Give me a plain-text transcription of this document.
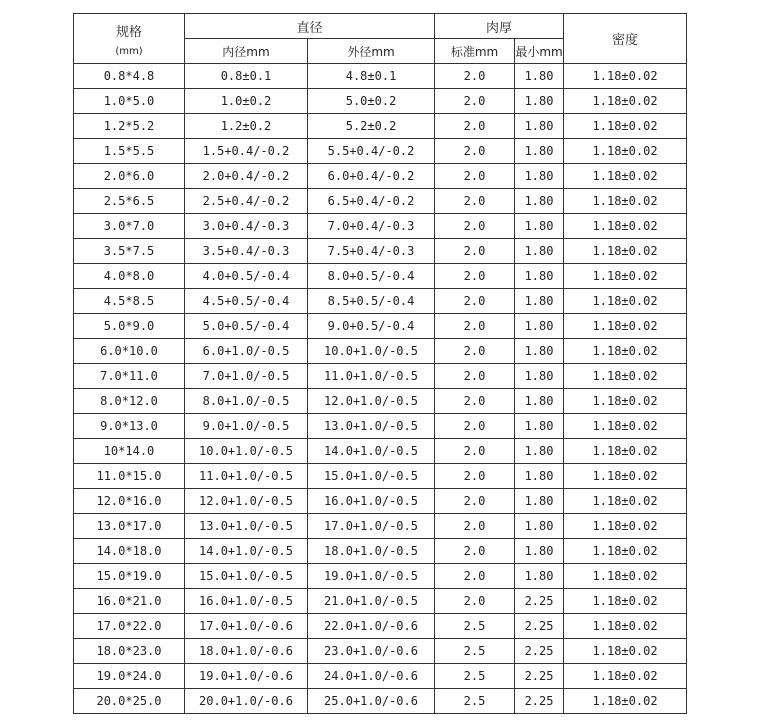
规格
(mm)	直径		肉厚		密度
	内径mm	外径mm	标准mm	最小mm	
0.8*4.8	0.8±0.1	4.8±0.1	2.0	1.80	1.18±0.02
1.0*5.0	1.0±0.2	5.0±0.2	2.0	1.80	1.18±0.02
1.2*5.2	1.2±0.2	5.2±0.2	2.0	1.80	1.18±0.02
1.5*5.5	1.5+0.4/-0.2	5.5+0.4/-0.2	2.0	1.80	1.18±0.02
2.0*6.0	2.0+0.4/-0.2	6.0+0.4/-0.2	2.0	1.80	1.18±0.02
2.5*6.5	2.5+0.4/-0.2	6.5+0.4/-0.2	2.0	1.80	1.18±0.02
3.0*7.0	3.0+0.4/-0.3	7.0+0.4/-0.3	2.0	1.80	1.18±0.02
3.5*7.5	3.5+0.4/-0.3	7.5+0.4/-0.3	2.0	1.80	1.18±0.02
4.0*8.0	4.0+0.5/-0.4	8.0+0.5/-0.4	2.0	1.80	1.18±0.02
4.5*8.5	4.5+0.5/-0.4	8.5+0.5/-0.4	2.0	1.80	1.18±0.02
5.0*9.0	5.0+0.5/-0.4	9.0+0.5/-0.4	2.0	1.80	1.18±0.02
6.0*10.0	6.0+1.0/-0.5	10.0+1.0/-0.5	2.0	1.80	1.18±0.02
7.0*11.0	7.0+1.0/-0.5	11.0+1.0/-0.5	2.0	1.80	1.18±0.02
8.0*12.0	8.0+1.0/-0.5	12.0+1.0/-0.5	2.0	1.80	1.18±0.02
9.0*13.0	9.0+1.0/-0.5	13.0+1.0/-0.5	2.0	1.80	1.18±0.02
10*14.0	10.0+1.0/-0.5	14.0+1.0/-0.5	2.0	1.80	1.18±0.02
11.0*15.0	11.0+1.0/-0.5	15.0+1.0/-0.5	2.0	1.80	1.18±0.02
12.0*16.0	12.0+1.0/-0.5	16.0+1.0/-0.5	2.0	1.80	1.18±0.02
13.0*17.0	13.0+1.0/-0.5	17.0+1.0/-0.5	2.0	1.80	1.18±0.02
14.0*18.0	14.0+1.0/-0.5	18.0+1.0/-0.5	2.0	1.80	1.18±0.02
15.0*19.0	15.0+1.0/-0.5	19.0+1.0/-0.5	2.0	1.80	1.18±0.02
16.0*21.0	16.0+1.0/-0.5	21.0+1.0/-0.5	2.0	2.25	1.18±0.02
17.0*22.0	17.0+1.0/-0.6	22.0+1.0/-0.6	2.5	2.25	1.18±0.02
18.0*23.0	18.0+1.0/-0.6	23.0+1.0/-0.6	2.5	2.25	1.18±0.02
19.0*24.0	19.0+1.0/-0.6	24.0+1.0/-0.6	2.5	2.25	1.18±0.02
20.0*25.0	20.0+1.0/-0.6	25.0+1.0/-0.6	2.5	2.25	1.18±0.02
